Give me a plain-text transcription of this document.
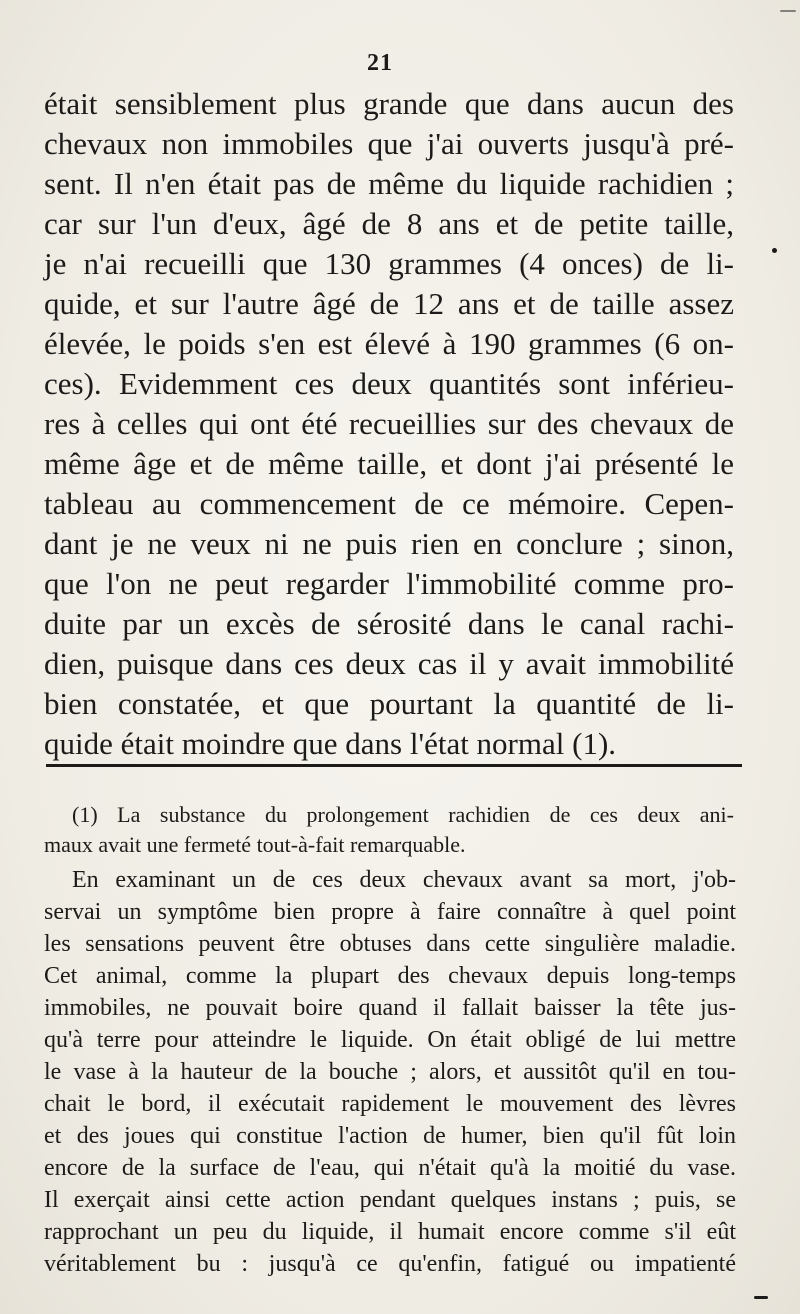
21
était sensiblement plus grande que dans aucun des
chevaux non immobiles que j'ai ouverts jusqu'à pré-
sent. Il n'en était pas de même du liquide rachidien ;
car sur l'un d'eux, âgé de 8 ans et de petite taille,
je n'ai recueilli que 130 grammes (4 onces) de li-
quide, et sur l'autre âgé de 12 ans et de taille assez
élevée, le poids s'en est élevé à 190 grammes (6 on-
ces). Evidemment ces deux quantités sont inférieu-
res à celles qui ont été recueillies sur des chevaux de
même âge et de même taille, et dont j'ai présenté le
tableau au commencement de ce mémoire. Cepen-
dant je ne veux ni ne puis rien en conclure ; sinon,
que l'on ne peut regarder l'immobilité comme pro-
duite par un excès de sérosité dans le canal rachi-
dien, puisque dans ces deux cas il y avait immobilité
bien constatée, et que pourtant la quantité de li-
quide était moindre que dans l'état normal (1).
(1) La substance du prolongement rachidien de ces deux ani-
maux avait une fermeté tout-à-fait remarquable.
En examinant un de ces deux chevaux avant sa mort, j'ob-
servai un symptôme bien propre à faire connaître à quel point
les sensations peuvent être obtuses dans cette singulière maladie.
Cet animal, comme la plupart des chevaux depuis long-temps
immobiles, ne pouvait boire quand il fallait baisser la tête jus-
qu'à terre pour atteindre le liquide. On était obligé de lui mettre
le vase à la hauteur de la bouche ; alors, et aussitôt qu'il en tou-
chait le bord, il exécutait rapidement le mouvement des lèvres
et des joues qui constitue l'action de humer, bien qu'il fût loin
encore de la surface de l'eau, qui n'était qu'à la moitié du vase.
Il exerçait ainsi cette action pendant quelques instans ; puis, se
rapprochant un peu du liquide, il humait encore comme s'il eût
véritablement bu : jusqu'à ce qu'enfin, fatigué ou impatienté
